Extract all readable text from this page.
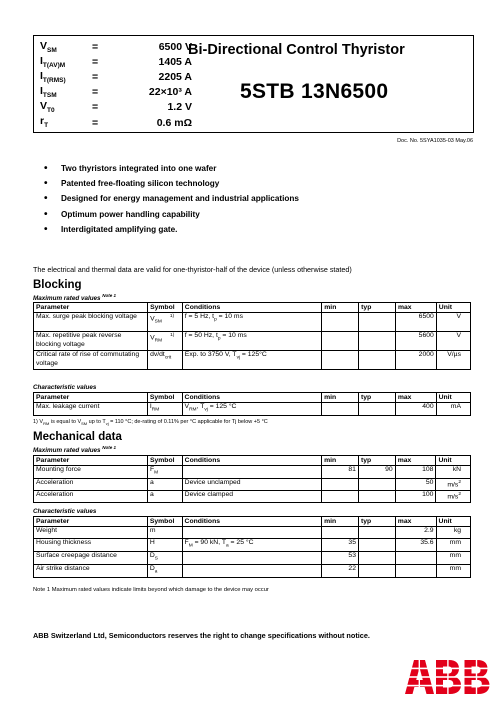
$V_{SM}$	=	6500 V
$I_{T(AV)M}$	=	1405 A
$I_{T(RMS)}$	=	2205 A
$I_{TSM}$	=	22×10³ A
$V_{T0}$	=	1.2 V
$r_T$	=	0.6 mΩ
Bi-Directional Control Thyristor
5STB 13N6500
Doc. No. 5SYA1035-03 May.06
• Two thyristors integrated into one wafer
• Patented free-floating silicon technology
• Designed for energy management and industrial applications
• Optimum power handling capability
• Interdigitated amplifying gate.
The electrical and thermal data are valid for one-thyristor-half of the device (unless otherwise stated)
Blocking
Maximum rated values $^{Note 1}$
Parameter	Symbol	Conditions	min	typ	max	Unit
Max. surge peak blocking voltage	$V_{SM}^{1)}$	f = 5 Hz, $t_p = 10$ ms			6500	V
Max. repetitive peak reverse blocking voltage	$V_{RM}^{1)}$	f = 50 Hz, $t_p = 10$ ms			5600	V
Critical rate of rise of commutating voltage	$dv/dt_{crit}$	Exp. to 3750 V, $T_{vj} = 125^\circ C$			2000	V/µs
Characteristic values
Parameter	Symbol	Conditions	min	typ	max	Unit
Max. leakage current	$I_{RM}$	$V_{RM}$, $T_{vj} = 125$ °C			400	mA
1) $V_{RM}$ is equal to $V_{SM}$ up to $T_{vj} = 110$ °C; de-rating of 0.11% per °C applicable for Tj below +5 °C
Mechanical data
Maximum rated values $^{Note 1}$
Parameter	Symbol	Conditions	min	typ	max	Unit
Mounting force	$F_M$		81	90	108	kN
Acceleration	a	Device unclamped			50	$m/s^2$
Acceleration	a	Device clamped			100	$m/s^2$
Characteristic values
Parameter	Symbol	Conditions	min	typ	max	Unit
Weight	m				2.9	kg
Housing thickness	H	$F_M = 90$ kN, $T_a = 25$ °C	35		35.6	mm
Surface creepage distance	$D_S$		53			mm
Air strike distance	$D_a$		22			mm
Note 1 Maximum rated values indicate limits beyond which damage to the device may occur
ABB Switzerland Ltd, Semiconductors reserves the right to change specifications without notice.
